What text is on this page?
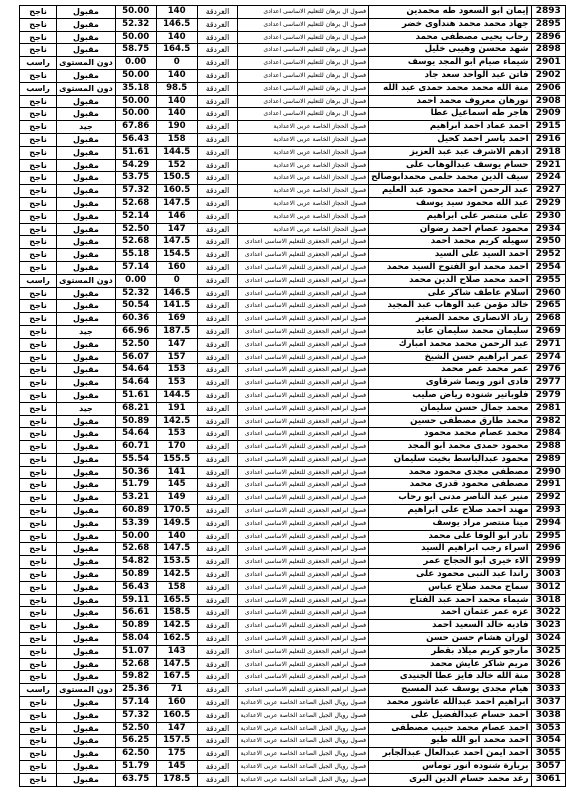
2893	إيمان ابو السعود طه محمدين	فصول ال برهان للتعليم الاساسى اعدادى	الغردقة	140	50.00	مقبول	ناجح
2895	جهاد محمد محمد هنداوى خضر	فصول ال برهان للتعليم الاساسى اعدادى	الغردقة	146.5	52.32	مقبول	ناجح
2896	رحاب يحيى مصطفى محمد	فصول ال برهان للتعليم الاساسى اعدادى	الغردقة	140	50.00	مقبول	ناجح
2898	شهد محسن وهيبى خليل	فصول ال برهان للتعليم الاساسى اعدادى	الغردقة	164.5	58.75	مقبول	ناجح
2901	شيماء صيام ابو المجد يوسف	فصول ال برهان للتعليم الاساسى اعدادى	الغردقة	0	0.00	دون المستوى	راسب
2902	فاتن عبد الواحد سعد جاد	فصول ال برهان للتعليم الاساسى اعدادى	الغردقة	140	50.00	مقبول	ناجح
2906	منة الله محمد محمد حمدى عبد الله	فصول ال برهان للتعليم الاساسى اعدادى	الغردقة	98.5	35.18	دون المستوى	راسب
2908	نورهان معروف محمد احمد	فصول ال برهان للتعليم الاساسى اعدادى	الغردقة	140	50.00	مقبول	ناجح
2909	هاجر طه اسماعيل عطا	فصول ال برهان للتعليم الاساسى اعدادى	الغردقة	140	50.00	مقبول	ناجح
2915	احمد عماد احمد ابراهيم	فصول الحجاز الخاصة عربى الاعدادية	الغردقة	190	67.86	جيد	ناجح
2916	احمد ياسر احمد كحيل	فصول الحجاز الخاصة عربى الاعدادية	الغردقة	158	56.43	مقبول	ناجح
2918	ادهم الاشرف عبد عبد العزيز	فصول الحجاز الخاصة عربى الاعدادية	الغردقة	144.5	51.61	مقبول	ناجح
2921	حسام يوسف عبدالوهاب على	فصول الحجاز الخاصة عربى الاعدادية	الغردقة	152	54.29	مقبول	ناجح
2924	سيف الدين محمد حلمى محمدابوصالح	فصول الحجاز الخاصة عربى الاعدادية	الغردقة	150.5	53.75	مقبول	ناجح
2927	عبد الرحمن احمد محمود عبد العليم	فصول الحجاز الخاصة عربى الاعدادية	الغردقة	160.5	57.32	مقبول	ناجح
2929	عبد الله محمود سيد يوسف	فصول الحجاز الخاصة عربى الاعدادية	الغردقة	147.5	52.68	مقبول	ناجح
2930	على منتصر على ابراهيم	فصول الحجاز الخاصة عربى الاعدادية	الغردقة	146	52.14	مقبول	ناجح
2934	محمود عصام احمد رضوان	فصول الحجاز الخاصة عربى الاعدادية	الغردقة	147	52.50	مقبول	ناجح
2950	سهيله كريم محمد احمد	فصول ابراهيم الجعفرى للتعليم الاساسى اعدادى	الغردقة	147.5	52.68	مقبول	ناجح
2952	احمد السيد على السيد	فصول ابراهيم الجعفرى للتعليم الاساسى اعدادى	الغردقة	154.5	55.18	مقبول	ناجح
2954	احمد محمد ابو الفتوح السيد محمد	فصول ابراهيم الجعفرى للتعليم الاساسى اعدادى	الغردقة	160	57.14	مقبول	ناجح
2955	احمد محمد صلاح الدين محمد	فصول ابراهيم الجعفرى للتعليم الاساسى اعدادى	الغردقة	0	0.00	دون المستوى	راسب
2960	اسلام عاطف شاكر على	فصول ابراهيم الجعفرى للتعليم الاساسى اعدادى	الغردقة	146.5	52.32	مقبول	ناجح
2965	خالد مؤمن عبد الوهاب عبد المجيد	فصول ابراهيم الجعفرى للتعليم الاساسى اعدادى	الغردقة	141.5	50.54	مقبول	ناجح
2968	زياد الانصارى محمد الصغير	فصول ابراهيم الجعفرى للتعليم الاساسى اعدادى	الغردقة	169	60.36	مقبول	ناجح
2969	سليمان محمد سليمان عابد	فصول ابراهيم الجعفرى للتعليم الاساسى اعدادى	الغردقة	187.5	66.96	جيد	ناجح
2971	عبد الرحمن محمد محمد امبارك	فصول ابراهيم الجعفرى للتعليم الاساسى اعدادى	الغردقة	147	52.50	مقبول	ناجح
2974	عمر ابراهيم حسن الشيخ	فصول ابراهيم الجعفرى للتعليم الاساسى اعدادى	الغردقة	157	56.07	مقبول	ناجح
2976	عمر محمد عمر محمد	فصول ابراهيم الجعفرى للتعليم الاساسى اعدادى	الغردقة	153	54.64	مقبول	ناجح
2977	فادى انور ويصا شرقاوى	فصول ابراهيم الجعفرى للتعليم الاساسى اعدادى	الغردقة	153	54.64	مقبول	ناجح
2979	فلوباتير شنوده رياض صليب	فصول ابراهيم الجعفرى للتعليم الاساسى اعدادى	الغردقة	144.5	51.61	مقبول	ناجح
2981	محمد جمال حسن سليمان	فصول ابراهيم الجعفرى للتعليم الاساسى اعدادى	الغردقة	191	68.21	جيد	ناجح
2982	محمد طارق مصطفى حسين	فصول ابراهيم الجعفرى للتعليم الاساسى اعدادى	الغردقة	142.5	50.89	مقبول	ناجح
2984	محمد عصام محمد محمود	فصول ابراهيم الجعفرى للتعليم الاساسى اعدادى	الغردقة	153	54.64	مقبول	ناجح
2988	محمود حمدى محمد ابو المجد	فصول ابراهيم الجعفرى للتعليم الاساسى اعدادى	الغردقة	170	60.71	مقبول	ناجح
2989	محمود عبدالباسط بخيت سليمان	فصول ابراهيم الجعفرى للتعليم الاساسى اعدادى	الغردقة	155.5	55.54	مقبول	ناجح
2990	مصطفى مجدى محمود محمد	فصول ابراهيم الجعفرى للتعليم الاساسى اعدادى	الغردقة	141	50.36	مقبول	ناجح
2991	مصطفى محمود قدرى محمد	فصول ابراهيم الجعفرى للتعليم الاساسى اعدادى	الغردقة	145	51.79	مقبول	ناجح
2992	منير عبد الناصر مدنى ابو رحاب	فصول ابراهيم الجعفرى للتعليم الاساسى اعدادى	الغردقة	149	53.21	مقبول	ناجح
2993	مهند احمد صلاح على ابراهيم	فصول ابراهيم الجعفرى للتعليم الاساسى اعدادى	الغردقة	170.5	60.89	مقبول	ناجح
2994	مينا منتصر مراد يوسف	فصول ابراهيم الجعفرى للتعليم الاساسى اعدادى	الغردقة	149.5	53.39	مقبول	ناجح
2995	نادر ابو الوفا على محمد	فصول ابراهيم الجعفرى للتعليم الاساسى اعدادى	الغردقة	140	50.00	مقبول	ناجح
2996	اسراء رجب ابراهيم السيد	فصول ابراهيم الجعفرى للتعليم الاساسى اعدادى	الغردقة	147.5	52.68	مقبول	ناجح
2999	الاء خيرى ابو الحجاج عمر	فصول ابراهيم الجعفرى للتعليم الاساسى اعدادى	الغردقة	153.5	54.82	مقبول	ناجح
3003	راندا عبد النبى محمود على	فصول ابراهيم الجعفرى للتعليم الاساسى اعدادى	الغردقة	142.5	50.89	مقبول	ناجح
3012	سماح محمد صلاح عباس	فصول ابراهيم الجعفرى للتعليم الاساسى اعدادى	الغردقة	158	56.43	مقبول	ناجح
3018	شيماء محمد احمد عبد الفتاح	فصول ابراهيم الجعفرى للتعليم الاساسى اعدادى	الغردقة	165.5	59.11	مقبول	ناجح
3022	عزه عمر عثمان احمد	فصول ابراهيم الجعفرى للتعليم الاساسى اعدادى	الغردقة	158.5	56.61	مقبول	ناجح
3023	فاديه خالد السعيد احمد	فصول ابراهيم الجعفرى للتعليم الاساسى اعدادى	الغردقة	142.5	50.89	مقبول	ناجح
3024	لوران هشام حسن حسن	فصول ابراهيم الجعفرى للتعليم الاساسى اعدادى	الغردقة	162.5	58.04	مقبول	ناجح
3025	مارجو كريم ميلاد بقطر	فصول ابراهيم الجعفرى للتعليم الاساسى اعدادى	الغردقة	143	51.07	مقبول	ناجح
3026	مريم شاكر عايش محمد	فصول ابراهيم الجعفرى للتعليم الاساسى اعدادى	الغردقة	147.5	52.68	مقبول	ناجح
3028	منة الله خالد فايز عطا الجنيدى	فصول ابراهيم الجعفرى للتعليم الاساسى اعدادى	الغردقة	167.5	59.82	مقبول	ناجح
3033	هيام مجدى يوسف عبد المسيح	فصول ابراهيم الجعفرى للتعليم الاساسى اعدادى	الغردقة	71	25.36	دون المستوى	راسب
3037	ابراهيم احمد عبدالله عاشور محمد	فصول رويال الجيل الصاعد الخاصة عربى الاعدادية	الغردقة	160	57.14	مقبول	ناجح
3038	احمد حسام عبدالفضيل على	فصول رويال الجيل الصاعد الخاصة عربى الاعدادية	الغردقة	160.5	57.32	مقبول	ناجح
3053	احمد عصام محمد حبيب مصطفى	فصول رويال الجيل الصاعد الخاصة عربى الاعدادية	الغردقة	147	52.50	مقبول	ناجح
3054	احمد محمد ابو الله طيو	فصول رويال الجيل الصاعد الخاصة عربى الاعدادية	الغردقة	157.5	56.25	مقبول	ناجح
3055	احمد ايمن احمد عبدالعال عبدالجابر	فصول رويال الجيل الصاعد الخاصة عربى الاعدادية	الغردقة	175	62.50	مقبول	ناجح
3057	بربارة شنوده انور توماس	فصول رويال الجيل الصاعد الخاصة عربى الاعدادية	الغردقة	145	51.79	مقبول	ناجح
3061	رغد محمد حسام الدين البرى	فصول رويال الجيل الصاعد الخاصة عربى الاعدادية	الغردقة	178.5	63.75	مقبول	ناجح
